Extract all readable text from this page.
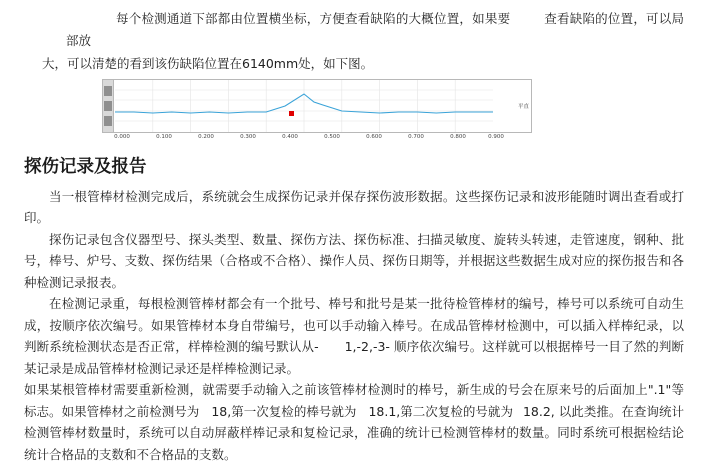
每个检测通道下部都由位置横坐标，方便查看缺陷的大概位置，如果要	查看缺陷的位置，可以局部放

大，可以清楚的看到该伤缺陷位置在6140mm处，如下图。

平直
0.000	0.100	0.200	0.300	0.400	0.500	0.600	0.700	0.800	0.900
探伤记录及报告

当一根管棒材检测完成后，系统就会生成探伤记录并保存探伤波形数据。这些探伤记录和波形能随时调出查看或打印。

探伤记录包含仪器型号、探头类型、数量、探伤方法、探伤标准、扫描灵敏度、旋转头转速，走管速度，钢种、批号，棒号、炉号、支数、探伤结果（合格或不合格）、操作人员、探伤日期等，并根据这些数据生成对应的探伤报告和各种检测记录报表。

在检测记录重，每根检测管棒材都会有一个批号、棒号和批号是某一批待检管棒材的编号，棒号可以系统可自动生成，按顺序依次编号。如果管棒材本身自带编号，也可以手动输入棒号。在成品管棒材检测中，可以插入样棒纪录，以判断系统检测状态是否正常，样棒检测的编号默认从- 1,-2,-3- 顺序依次编号。这样就可以根据棒号一目了然的判断某记录是成品管棒材检测记录还是样棒检测记录。

如果某根管棒材需要重新检测，就需要手动输入之前该管棒材检测时的棒号，新生成的号会在原来号的后面加上".1"等标志。如果管棒材之前检测号为 18,第一次复检的棒号就为 18.1,第二次复检的号就为 18.2, 以此类推。在查询统计检测管棒材数量时，系统可以自动屏蔽样棒记录和复检记录，准确的统计已检测管棒材的数量。同时系统可根据检结论统计合格品的支数和不合格品的支数。
